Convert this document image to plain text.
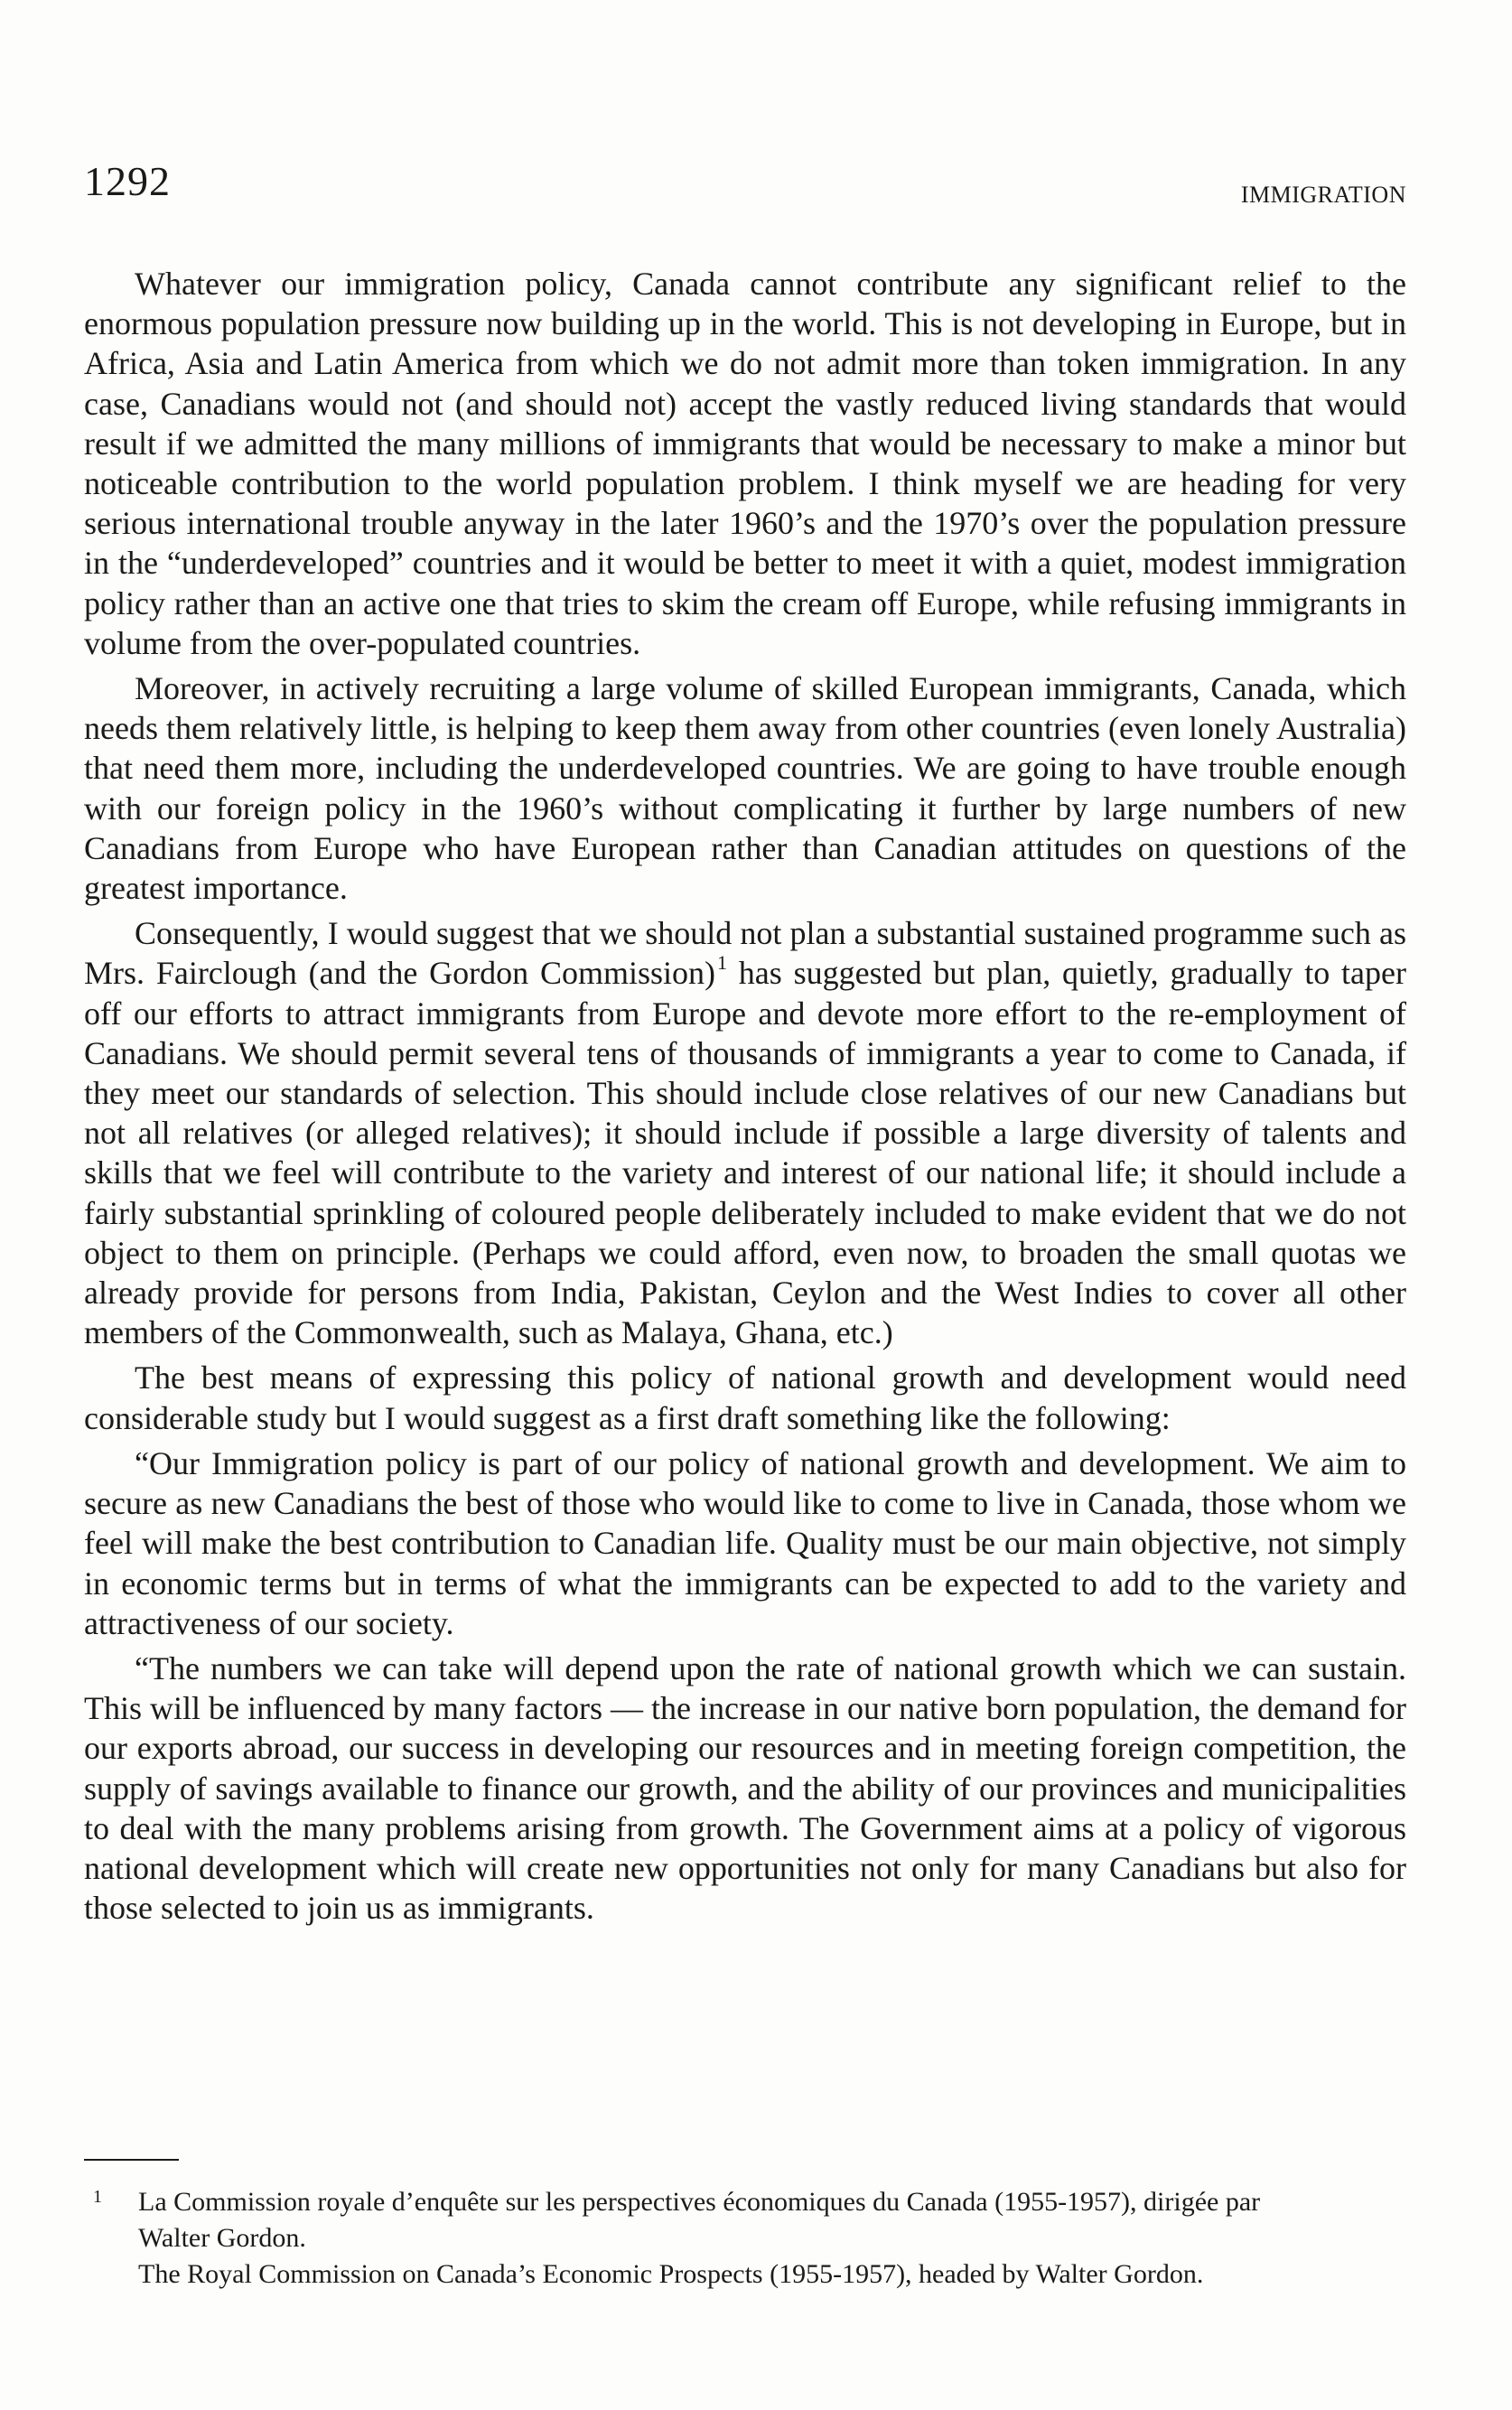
1292	IMMIGRATION

Whatever our immigration policy, Canada cannot contribute any significant relief to the enormous population pressure now building up in the world. This is not developing in Europe, but in Africa, Asia and Latin America from which we do not admit more than token immigration. In any case, Canadians would not (and should not) accept the vastly reduced living standards that would result if we admitted the many millions of immigrants that would be necessary to make a minor but noticeable contribution to the world population problem. I think myself we are heading for very serious international trouble anyway in the later 1960’s and the 1970’s over the population pressure in the “underdeveloped” countries and it would be better to meet it with a quiet, modest immigration policy rather than an active one that tries to skim the cream off Europe, while refusing immigrants in volume from the over-populated countries.

Moreover, in actively recruiting a large volume of skilled European immigrants, Canada, which needs them relatively little, is helping to keep them away from other countries (even lonely Australia) that need them more, including the underdeveloped countries. We are going to have trouble enough with our foreign policy in the 1960’s without complicating it further by large numbers of new Canadians from Europe who have European rather than Canadian attitudes on questions of the greatest importance.

Consequently, I would suggest that we should not plan a substantial sustained programme such as Mrs. Fairclough (and the Gordon Commission)$^1$ has suggested but plan, quietly, gradually to taper off our efforts to attract immigrants from Europe and devote more effort to the re-employment of Canadians. We should permit several tens of thousands of immigrants a year to come to Canada, if they meet our standards of selection. This should include close relatives of our new Canadians but not all relatives (or alleged relatives); it should include if possible a large diversity of talents and skills that we feel will contribute to the variety and interest of our national life; it should include a fairly substantial sprinkling of coloured people deliberately included to make evident that we do not object to them on principle. (Perhaps we could afford, even now, to broaden the small quotas we already provide for persons from India, Pakistan, Ceylon and the West Indies to cover all other members of the Commonwealth, such as Malaya, Ghana, etc.)

The best means of expressing this policy of national growth and development would need considerable study but I would suggest as a first draft something like the following:

“Our Immigration policy is part of our policy of national growth and development. We aim to secure as new Canadians the best of those who would like to come to live in Canada, those whom we feel will make the best contribution to Canadian life. Quality must be our main objective, not simply in economic terms but in terms of what the immigrants can be expected to add to the variety and attractiveness of our society.

“The numbers we can take will depend upon the rate of national growth which we can sustain. This will be influenced by many factors — the increase in our native born population, the demand for our exports abroad, our success in developing our resources and in meeting foreign competition, the supply of savings available to finance our growth, and the ability of our provinces and municipalities to deal with the many problems arising from growth. The Government aims at a policy of vigorous national development which will create new opportunities not only for many Canadians but also for those selected to join us as immigrants.

1 La Commission royale d’enquête sur les perspectives économiques du Canada (1955-1957), dirigée par
Walter Gordon.
The Royal Commission on Canada’s Economic Prospects (1955-1957), headed by Walter Gordon.
